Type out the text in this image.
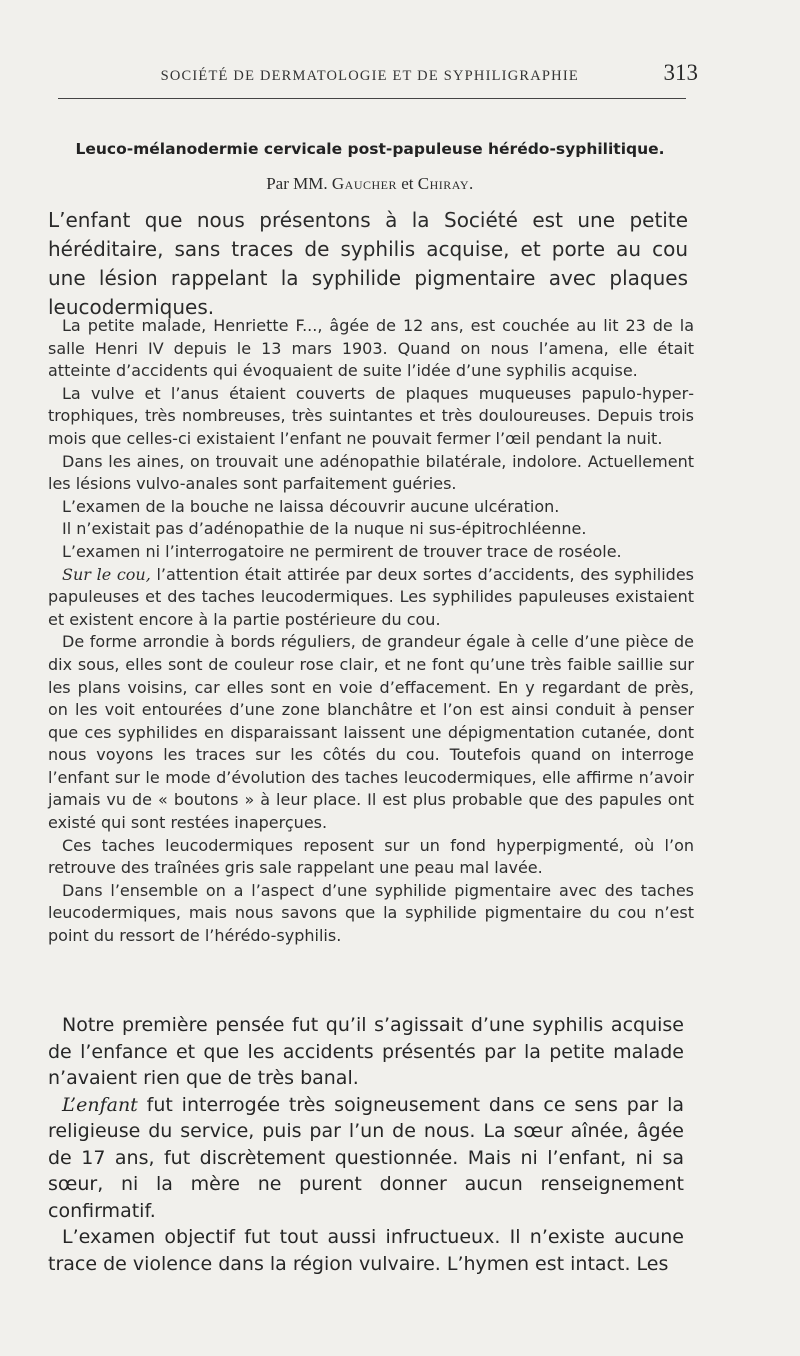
SOCIÉTÉ DE DERMATOLOGIE ET DE SYPHILIGRAPHIE	313
Leuco-mélanodermie cervicale post-papuleuse hérédo-syphilitique.
Par MM. Gaucher et Chiray.

L’enfant que nous présentons à la Société est une petite héréditaire, sans traces de syphilis acquise, et porte au cou une lésion rappelant la syphilide pigmentaire avec plaques leucodermiques.

La petite malade, Henriette F..., âgée de 12 ans, est couchée au lit 23 de la salle Henri IV depuis le 13 mars 1903. Quand on nous l’amena, elle était atteinte d’accidents qui évoquaient de suite l’idée d’une syphilis acquise.

La vulve et l’anus étaient couverts de plaques muqueuses papulo-hypertrophiques, très nombreuses, très suintantes et très douloureuses. Depuis trois mois que celles-ci existaient l’enfant ne pouvait fermer l’œil pendant la nuit.

Dans les aines, on trouvait une adénopathie bilatérale, indolore. Actuellement les lésions vulvo-anales sont parfaitement guéries.

L’examen de la bouche ne laissa découvrir aucune ulcération.

Il n’existait pas d’adénopathie de la nuque ni sus-épitrochléenne.

L’examen ni l’interrogatoire ne permirent de trouver trace de roséole.

Sur le cou, l’attention était attirée par deux sortes d’accidents, des syphilides papuleuses et des taches leucodermiques. Les syphilides papuleuses existaient et existent encore à la partie postérieure du cou.

De forme arrondie à bords réguliers, de grandeur égale à celle d’une pièce de dix sous, elles sont de couleur rose clair, et ne font qu’une très faible saillie sur les plans voisins, car elles sont en voie d’effacement. En y regardant de près, on les voit entourées d’une zone blanchâtre et l’on est ainsi conduit à penser que ces syphilides en disparaissant laissent une dépigmentation cutanée, dont nous voyons les traces sur les côtés du cou. Toutefois quand on interroge l’enfant sur le mode d’évolution des taches leucodermiques, elle affirme n’avoir jamais vu de « boutons » à leur place. Il est plus probable que des papules ont existé qui sont restées inaperçues.

Ces taches leucodermiques reposent sur un fond hyperpigmenté, où l’on retrouve des traînées gris sale rappelant une peau mal lavée.

Dans l’ensemble on a l’aspect d’une syphilide pigmentaire avec des taches leucodermiques, mais nous savons que la syphilide pigmentaire du cou n’est point du ressort de l’hérédo-syphilis.

Notre première pensée fut qu’il s’agissait d’une syphilis acquise de l’enfance et que les accidents présentés par la petite malade n’avaient rien que de très banal.

L’enfant fut interrogée très soigneusement dans ce sens par la religieuse du service, puis par l’un de nous. La sœur aînée, âgée de 17 ans, fut discrètement questionnée. Mais ni l’enfant, ni sa sœur, ni la mère ne purent donner aucun renseignement confirmatif.

L’examen objectif fut tout aussi infructueux. Il n’existe aucune trace de violence dans la région vulvaire. L’hymen est intact. Les
